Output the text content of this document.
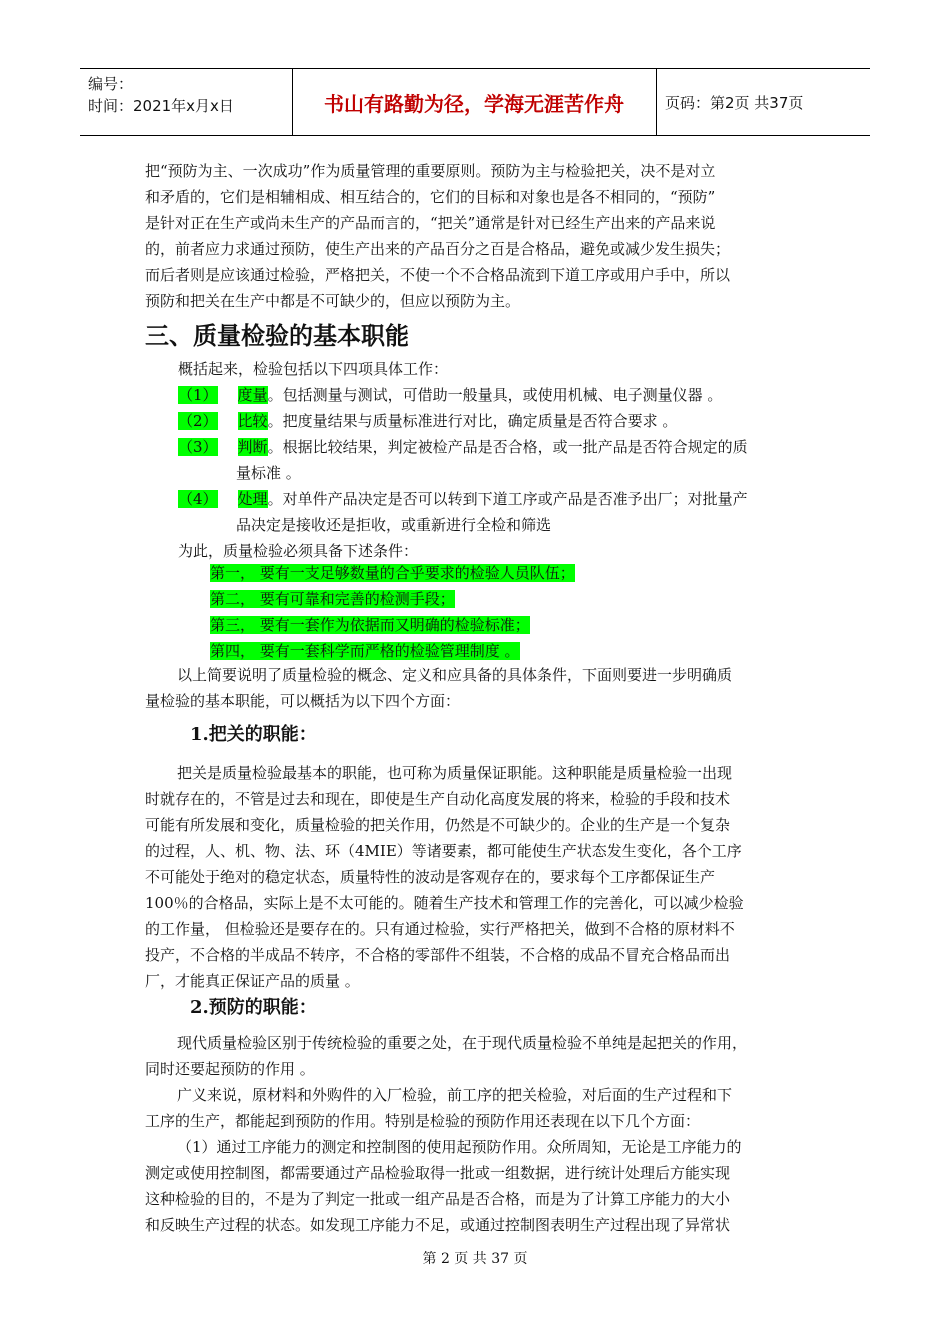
编号：
时间：2021年x月x日	书山有路勤为径，学海无涯苦作舟	页码：第2页 共37页

把“预防为主、一次成功”作为质量管理的重要原则。预防为主与检验把关，决不是对立

和矛盾的，它们是相辅相成、相互结合的，它们的目标和对象也是各不相同的，“预防”

是针对正在生产或尚未生产的产品而言的，“把关”通常是针对已经生产出来的产品来说

的，前者应力求通过预防，使生产出来的产品百分之百是合格品，避免或减少发生损失；

而后者则是应该通过检验，严格把关，不使一个不合格品流到下道工序或用户手中，所以

预防和把关在生产中都是不可缺少的，但应以预防为主。

三、质量检验的基本职能
概括起来，检验包括以下四项具体工作：

（1） 度量。包括测量与测试，可借助一般量具，或使用机械、电子测量仪器 。

（2） 比较。把度量结果与质量标准进行对比，确定质量是否符合要求 。

（3） 判断。根据比较结果，判定被检产品是否合格，或一批产品是否符合规定的质

量标准 。

（4） 处理。对单件产品决定是否可以转到下道工序或产品是否准予出厂；对批量产

品决定是接收还是拒收，或重新进行全检和筛选

为此，质量检验必须具备下述条件：

第一， 要有一支足够数量的合乎要求的检验人员队伍；

第二， 要有可靠和完善的检测手段；

第三， 要有一套作为依据而又明确的检验标准；

第四， 要有一套科学而严格的检验管理制度 。

以上简要说明了质量检验的概念、定义和应具备的具体条件，下面则要进一步明确质

量检验的基本职能，可以概括为以下四个方面：

1.把关的职能：

把关是质量检验最基本的职能，也可称为质量保证职能。这种职能是质量检验一出现

时就存在的，不管是过去和现在，即使是生产自动化高度发展的将来，检验的手段和技术

可能有所发展和变化，质量检验的把关作用，仍然是不可缺少的。企业的生产是一个复杂

的过程，人、机、物、法、环（4MIE）等诸要素，都可能使生产状态发生变化，各个工序

不可能处于绝对的稳定状态，质量特性的波动是客观存在的，要求每个工序都保证生产

100％的合格品，实际上是不太可能的。随着生产技术和管理工作的完善化，可以减少检验

的工作量， 但检验还是要存在的。只有通过检验，实行严格把关，做到不合格的原材料不

投产，不合格的半成品不转序，不合格的零部件不组装，不合格的成品不冒充合格品而出

厂，才能真正保证产品的质量 。

2.预防的职能：

现代质量检验区别于传统检验的重要之处，在于现代质量检验不单纯是起把关的作用，

同时还要起预防的作用 。

广义来说，原材料和外购件的入厂检验，前工序的把关检验，对后面的生产过程和下

工序的生产，都能起到预防的作用。特别是检验的预防作用还表现在以下几个方面：

（1）通过工序能力的测定和控制图的使用起预防作用。众所周知，无论是工序能力的

测定或使用控制图，都需要通过产品检验取得一批或一组数据，进行统计处理后方能实现

这种检验的目的，不是为了判定一批或一组产品是否合格，而是为了计算工序能力的大小

和反映生产过程的状态。如发现工序能力不足，或通过控制图表明生产过程出现了异常状

第 2 页 共 37 页
